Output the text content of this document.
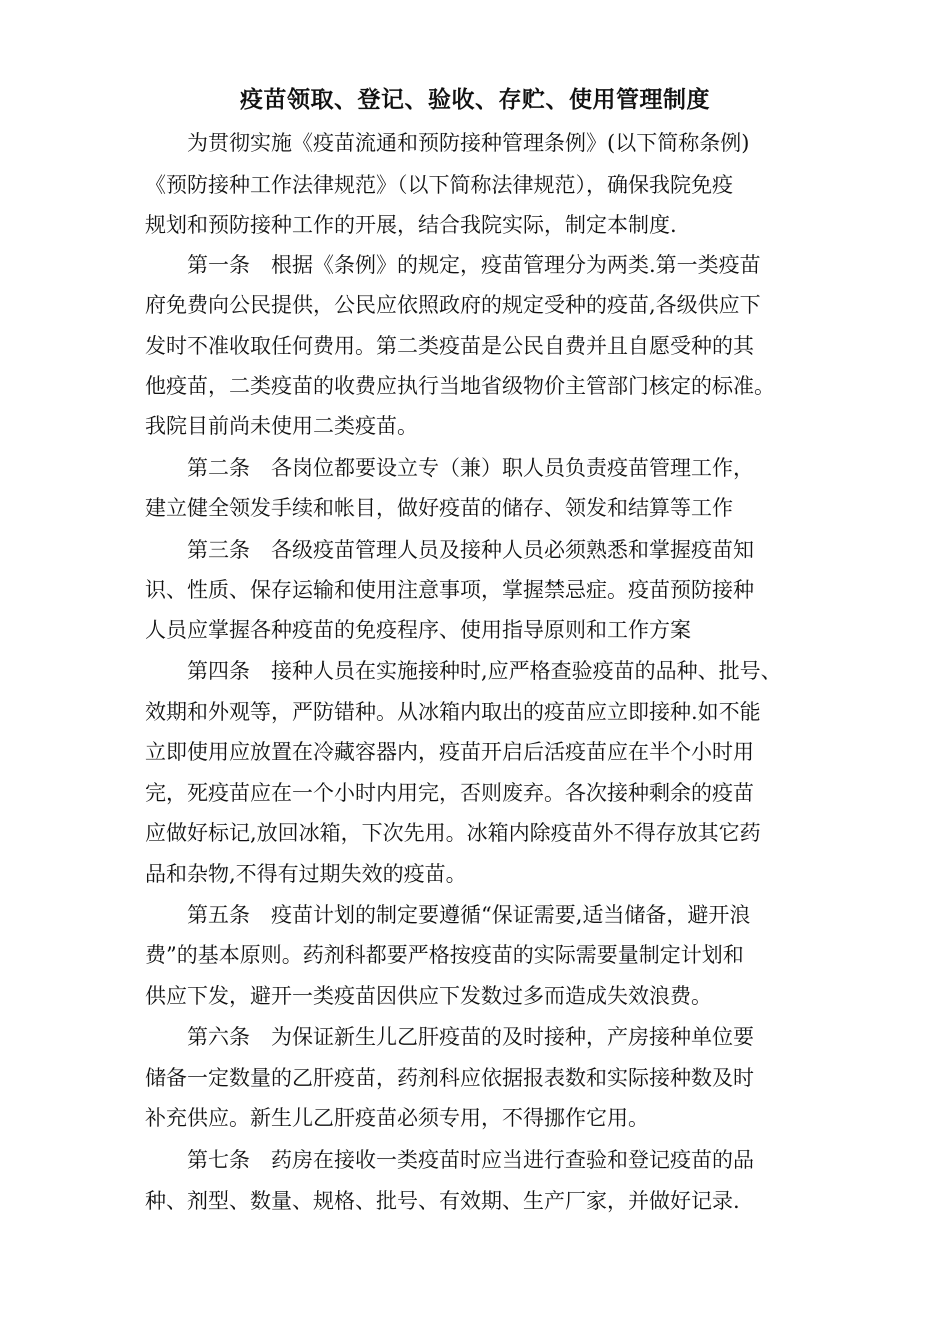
疫苗领取、登记、验收、存贮、使用管理制度
为贯彻实施《疫苗流通和预防接种管理条例》(以下简称条例)
《预防接种工作法律规范》（以下简称法律规范），确保我院免疫
规划和预防接种工作的开展，结合我院实际，制定本制度.
第一条　根据《条例》的规定，疫苗管理分为两类.第一类疫苗
府免费向公民提供，公民应依照政府的规定受种的疫苗,各级供应下
发时不准收取任何费用。第二类疫苗是公民自费并且自愿受种的其
他疫苗，二类疫苗的收费应执行当地省级物价主管部门核定的标准。
我院目前尚未使用二类疫苗。
第二条　各岗位都要设立专（兼）职人员负责疫苗管理工作，
建立健全领发手续和帐目，做好疫苗的储存、领发和结算等工作
第三条　各级疫苗管理人员及接种人员必须熟悉和掌握疫苗知
识、性质、保存运输和使用注意事项，掌握禁忌症。疫苗预防接种
人员应掌握各种疫苗的免疫程序、使用指导原则和工作方案
第四条　接种人员在实施接种时,应严格查验疫苗的品种、批号、
效期和外观等，严防错种。从冰箱内取出的疫苗应立即接种.如不能
立即使用应放置在冷藏容器内，疫苗开启后活疫苗应在半个小时用
完，死疫苗应在一个小时内用完，否则废弃。各次接种剩余的疫苗
应做好标记,放回冰箱，下次先用。冰箱内除疫苗外不得存放其它药
品和杂物,不得有过期失效的疫苗。
第五条　疫苗计划的制定要遵循“保证需要,适当储备，避开浪
费”的基本原则。药剂科都要严格按疫苗的实际需要量制定计划和
供应下发，避开一类疫苗因供应下发数过多而造成失效浪费。
第六条　为保证新生儿乙肝疫苗的及时接种，产房接种单位要
储备一定数量的乙肝疫苗，药剂科应依据报表数和实际接种数及时
补充供应。新生儿乙肝疫苗必须专用，不得挪作它用。
第七条　药房在接收一类疫苗时应当进行查验和登记疫苗的品
种、剂型、数量、规格、批号、有效期、生产厂家，并做好记录.
